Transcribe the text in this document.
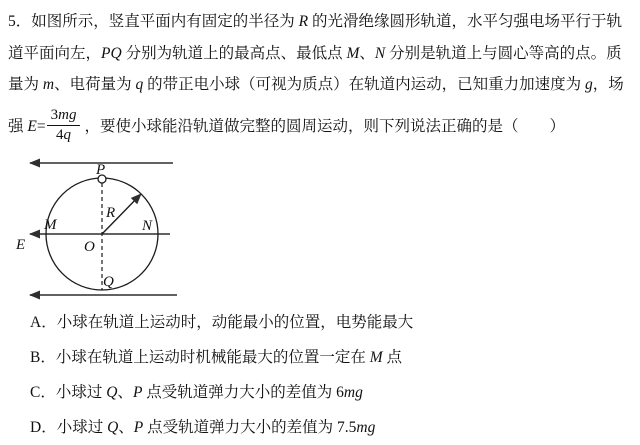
5．如图所示，竖直平面内有固定的半径为 R 的光滑绝缘圆形轨道，水平匀强电场平行于轨
道平面向左，PQ 分别为轨道上的最高点、最低点 M、N 分别是轨道上与圆心等高的点。质
量为 m、电荷量为 q 的带正电小球（可视为质点）在轨道内运动，已知重力加速度为 g，场
强 $E= \frac{3mg}{4q}$ ，要使小球能沿轨道做完整的圆周运动，则下列说法正确的是（　　）
P
M	N
O
R
Q
E
A．小球在轨道上运动时，动能最小的位置，电势能最大
B．小球在轨道上运动时机械能最大的位置一定在 M 点
C．小球过 Q、P 点受轨道弹力大小的差值为 6mg
D．小球过 Q、P 点受轨道弹力大小的差值为 7.5mg
